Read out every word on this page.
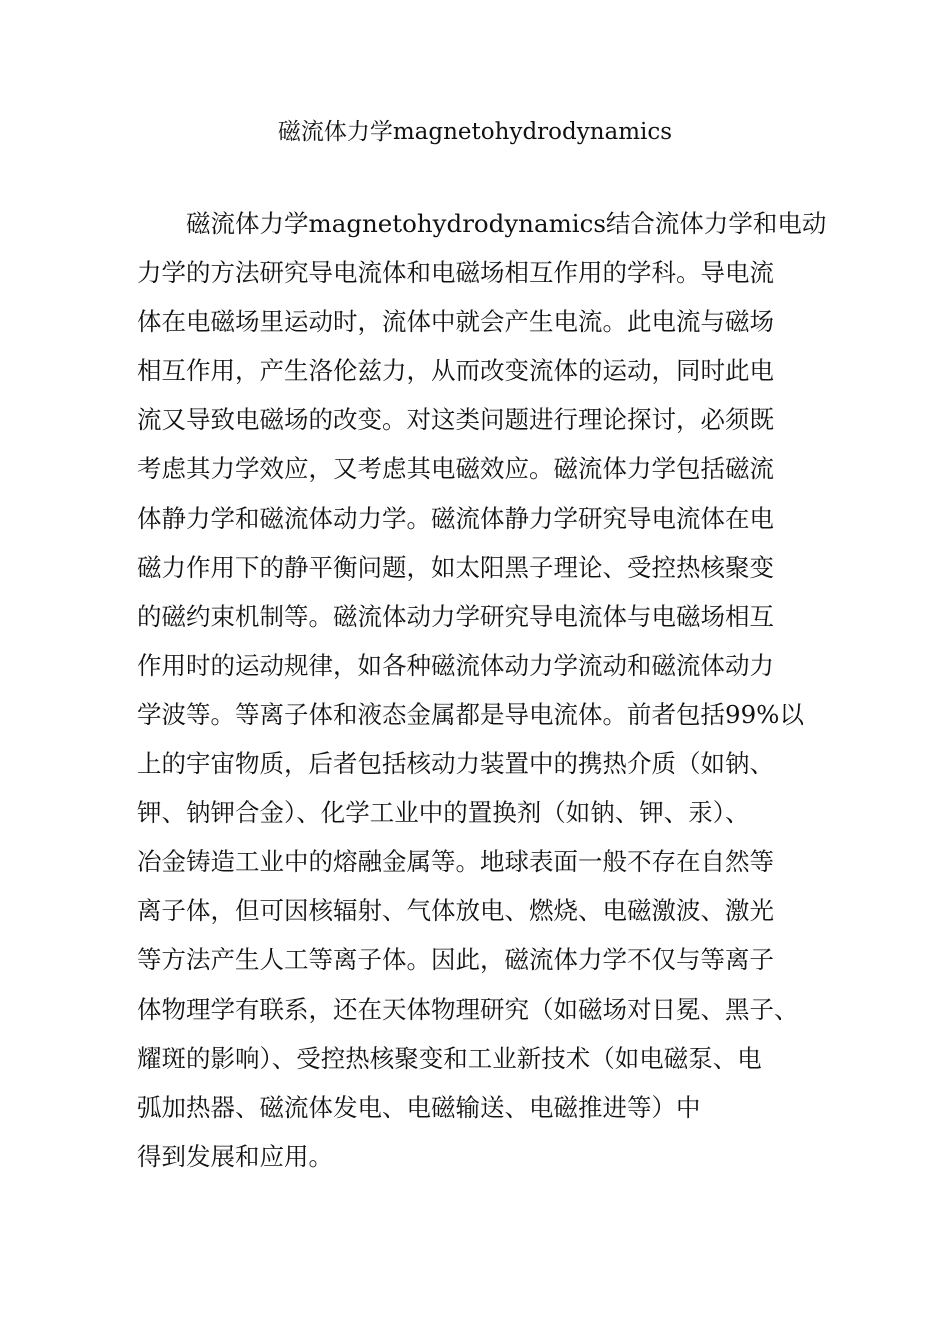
磁流体力学magnetohydrodynamics
磁流体力学magnetohydrodynamics结合流体力学和电动
力学的方法研究导电流体和电磁场相互作用的学科。导电流
体在电磁场里运动时，流体中就会产生电流。此电流与磁场
相互作用，产生洛伦兹力，从而改变流体的运动，同时此电
流又导致电磁场的改变。对这类问题进行理论探讨，必须既
考虑其力学效应，又考虑其电磁效应。磁流体力学包括磁流
体静力学和磁流体动力学。磁流体静力学研究导电流体在电
磁力作用下的静平衡问题，如太阳黑子理论、受控热核聚变
的磁约束机制等。磁流体动力学研究导电流体与电磁场相互
作用时的运动规律，如各种磁流体动力学流动和磁流体动力
学波等。等离子体和液态金属都是导电流体。前者包括99%以
上的宇宙物质，后者包括核动力装置中的携热介质（如钠、
钾、钠钾合金）、化学工业中的置换剂（如钠、钾、汞）、
冶金铸造工业中的熔融金属等。地球表面一般不存在自然等
离子体，但可因核辐射、气体放电、燃烧、电磁激波、激光
等方法产生人工等离子体。因此，磁流体力学不仅与等离子
体物理学有联系，还在天体物理研究（如磁场对日冕、黑子、
耀斑的影响）、受控热核聚变和工业新技术（如电磁泵、电
弧加热器、磁流体发电、电磁输送、电磁推进等）中
得到发展和应用。
